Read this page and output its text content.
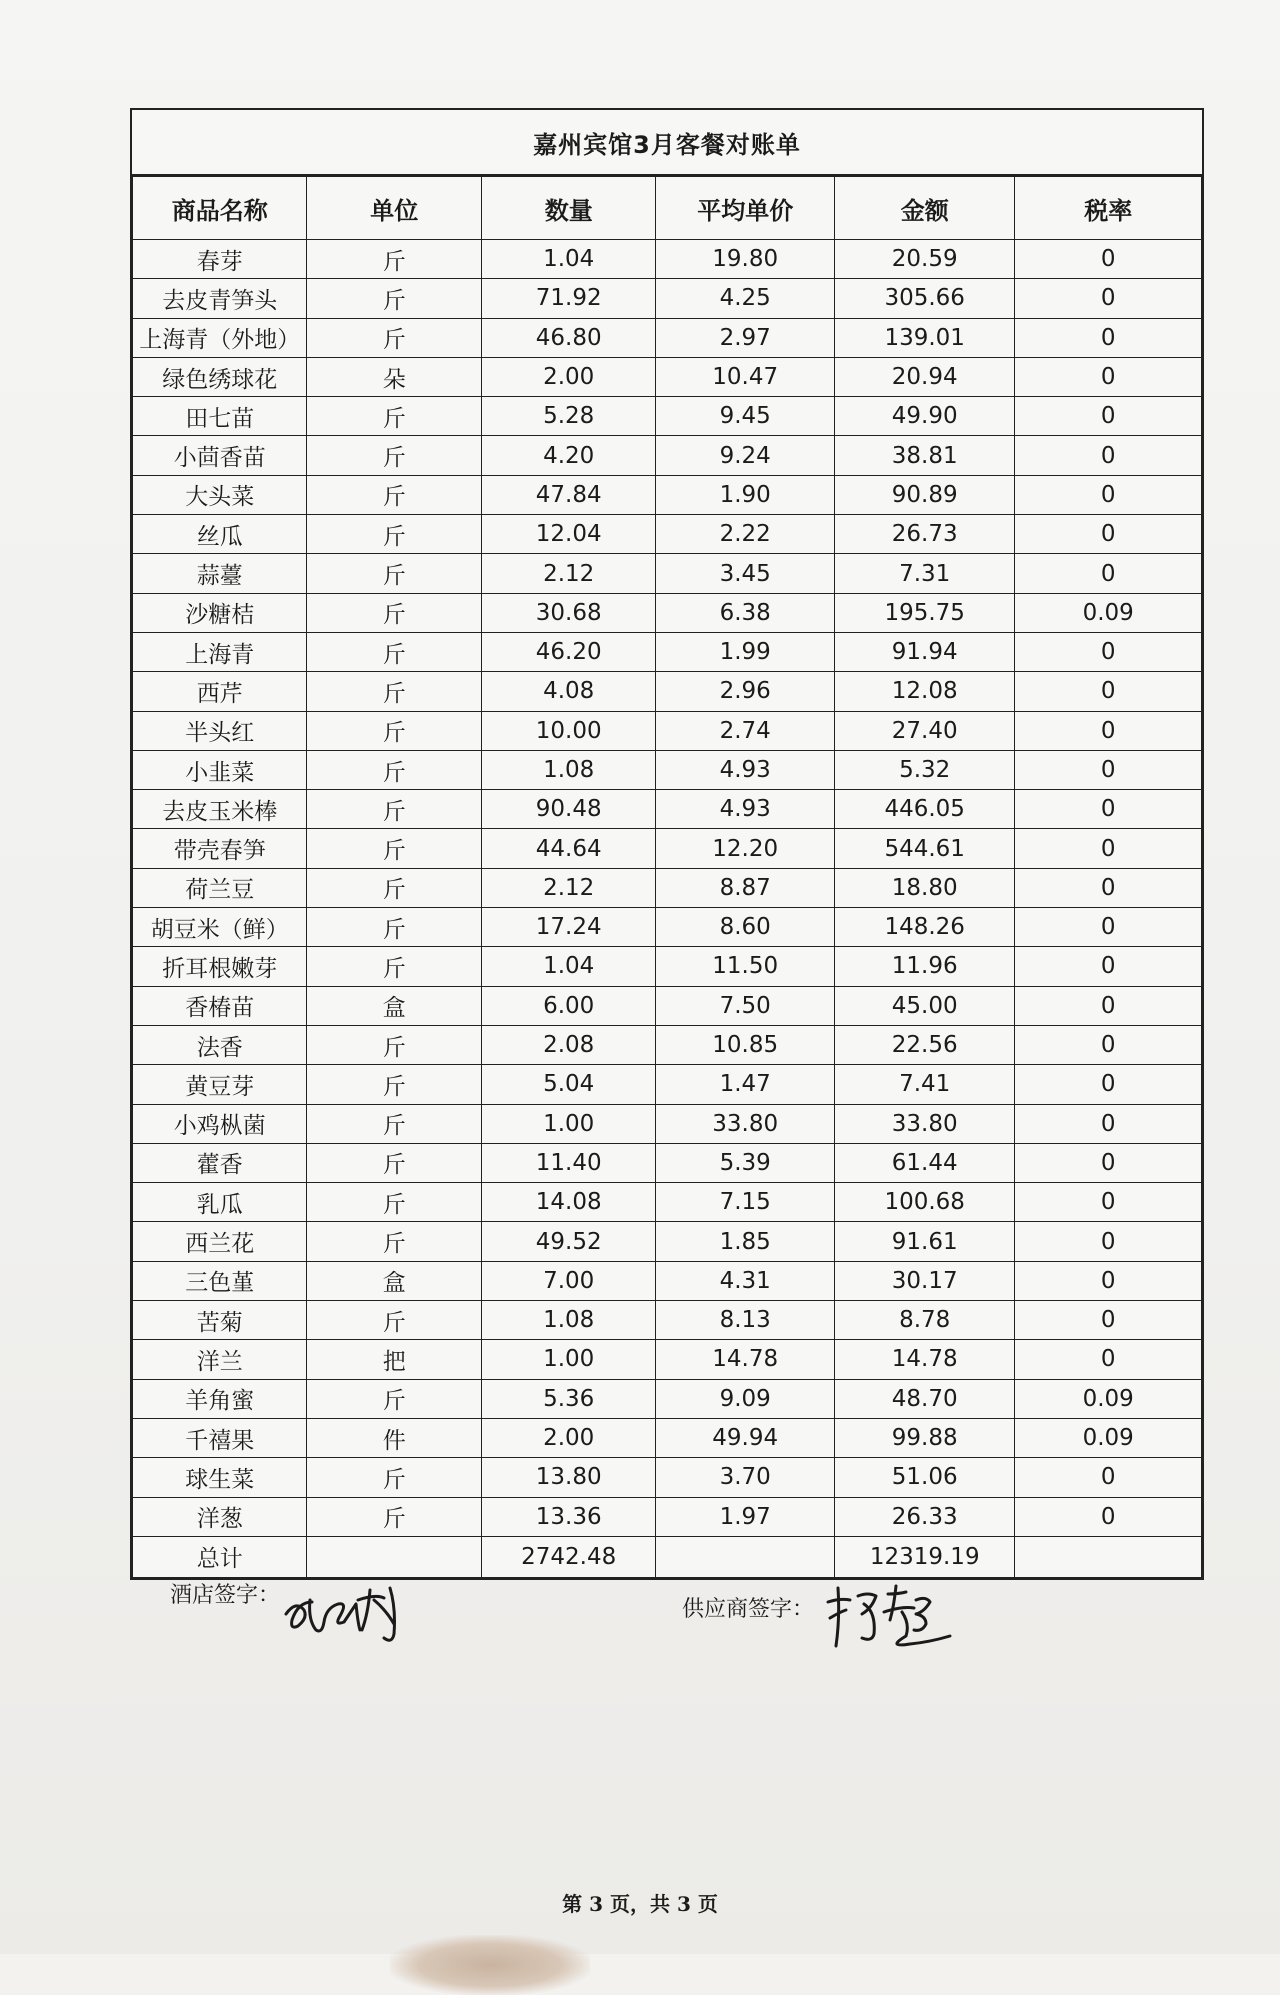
嘉州宾馆3月客餐对账单
商品名称	单位	数量	平均单价	金额	税率
春芽	斤	1.04	19.80	20.59	0
去皮青笋头	斤	71.92	4.25	305.66	0
上海青（外地）	斤	46.80	2.97	139.01	0
绿色绣球花	朵	2.00	10.47	20.94	0
田七苗	斤	5.28	9.45	49.90	0
小茴香苗	斤	4.20	9.24	38.81	0
大头菜	斤	47.84	1.90	90.89	0
丝瓜	斤	12.04	2.22	26.73	0
蒜薹	斤	2.12	3.45	7.31	0
沙糖桔	斤	30.68	6.38	195.75	0.09
上海青	斤	46.20	1.99	91.94	0
西芹	斤	4.08	2.96	12.08	0
半头红	斤	10.00	2.74	27.40	0
小韭菜	斤	1.08	4.93	5.32	0
去皮玉米棒	斤	90.48	4.93	446.05	0
带壳春笋	斤	44.64	12.20	544.61	0
荷兰豆	斤	2.12	8.87	18.80	0
胡豆米（鲜）	斤	17.24	8.60	148.26	0
折耳根嫩芽	斤	1.04	11.50	11.96	0
香椿苗	盒	6.00	7.50	45.00	0
法香	斤	2.08	10.85	22.56	0
黄豆芽	斤	5.04	1.47	7.41	0
小鸡枞菌	斤	1.00	33.80	33.80	0
藿香	斤	11.40	5.39	61.44	0
乳瓜	斤	14.08	7.15	100.68	0
西兰花	斤	49.52	1.85	91.61	0
三色堇	盒	7.00	4.31	30.17	0
苦菊	斤	1.08	8.13	8.78	0
洋兰	把	1.00	14.78	14.78	0
羊角蜜	斤	5.36	9.09	48.70	0.09
千禧果	件	2.00	49.94	99.88	0.09
球生菜	斤	13.80	3.70	51.06	0
洋葱	斤	13.36	1.97	26.33	0
总计		2742.48		12319.19	
酒店签字：
供应商签字：
第 3 页，共 3 页
